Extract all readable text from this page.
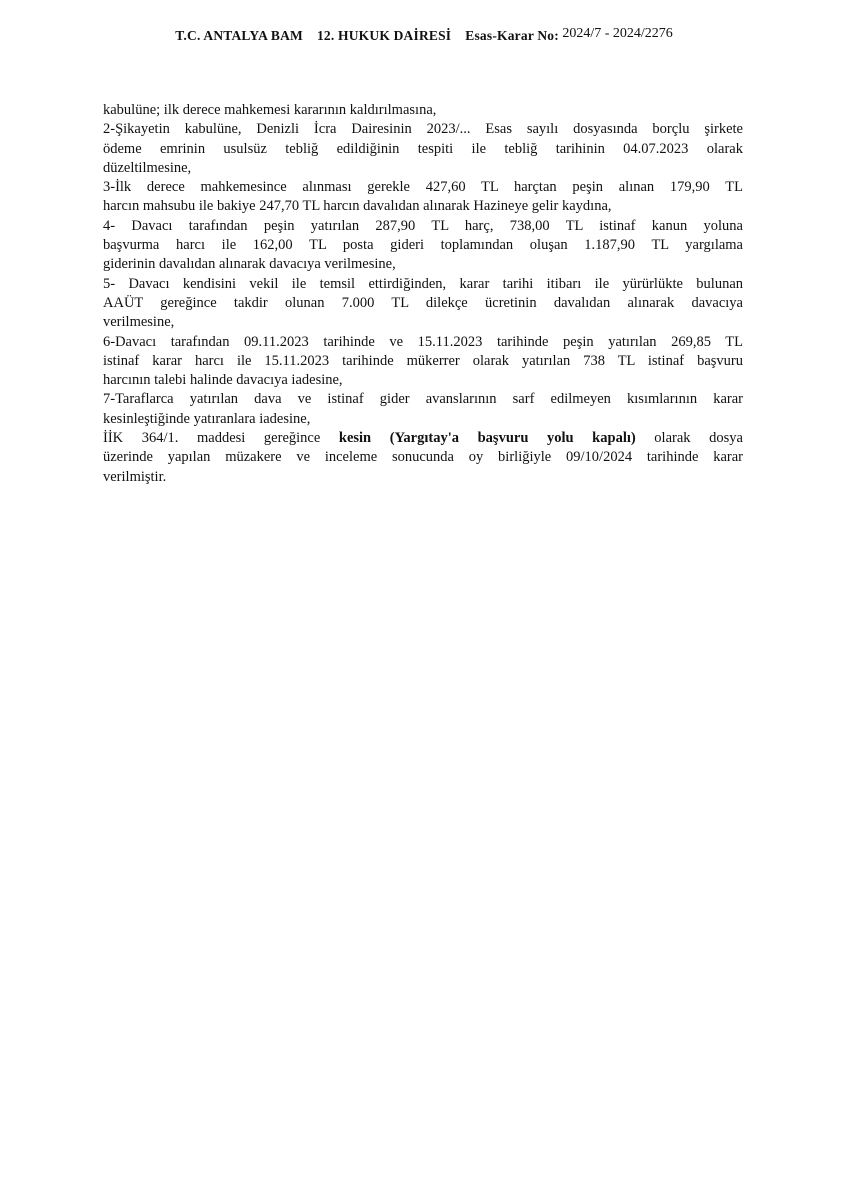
T.C. ANTALYA BAM 12. HUKUK DAİRESİ Esas-Karar No: 2024/7 - 2024/2276

kabulüne; ilk derece mahkemesi kararının kaldırılmasına,

2-Şikayetin kabulüne, Denizli İcra Dairesinin 2023/... Esas sayılı dosyasında borçlu şirkete

ödeme emrinin usulsüz tebliğ edildiğinin tespiti ile tebliğ tarihinin 04.07.2023 olarak

düzeltilmesine,

3-İlk derece mahkemesince alınması gerekle 427,60 TL harçtan peşin alınan 179,90 TL

harcın mahsubu ile bakiye 247,70 TL harcın davalıdan alınarak Hazineye gelir kaydına,

4- Davacı tarafından peşin yatırılan 287,90 TL harç, 738,00 TL istinaf kanun yoluna

başvurma harcı ile 162,00 TL posta gideri toplamından oluşan 1.187,90 TL yargılama

giderinin davalıdan alınarak davacıya verilmesine,

5- Davacı kendisini vekil ile temsil ettirdiğinden, karar tarihi itibarı ile yürürlükte bulunan

AAÜT gereğince takdir olunan 7.000 TL dilekçe ücretinin davalıdan alınarak davacıya

verilmesine,

6-Davacı tarafından 09.11.2023 tarihinde ve 15.11.2023 tarihinde peşin yatırılan 269,85 TL

istinaf karar harcı ile 15.11.2023 tarihinde mükerrer olarak yatırılan 738 TL istinaf başvuru

harcının talebi halinde davacıya iadesine,

7-Taraflarca yatırılan dava ve istinaf gider avanslarının sarf edilmeyen kısımlarının karar

kesinleştiğinde yatıranlara iadesine,

İİK 364/1. maddesi gereğince kesin (Yargıtay'a başvuru yolu kapalı) olarak dosya

üzerinde yapılan müzakere ve inceleme sonucunda oy birliğiyle 09/10/2024 tarihinde karar

verilmiştir.
